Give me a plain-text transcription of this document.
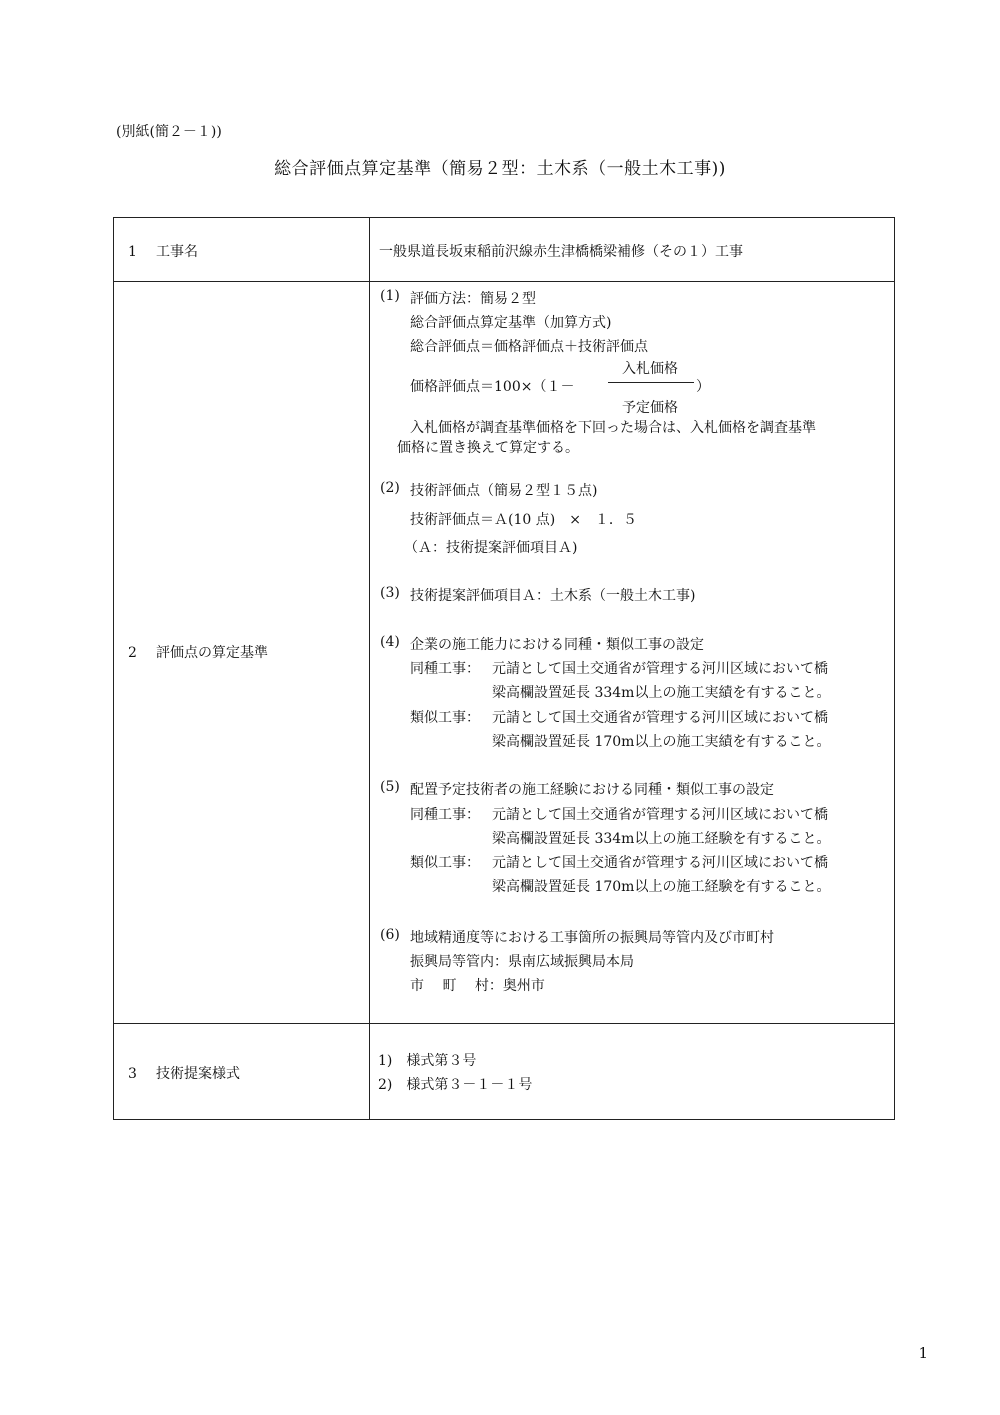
(別紙(簡２－１))
総合評価点算定基準（簡易２型：土木系（一般土木工事))
1 工事名	一般県道長坂束稲前沢線赤生津橋橋梁補修（その１）工事
2 評価点の算定基準
(1) 評価方法：簡易２型
総合評価点算定基準（加算方式)
総合評価点＝価格評価点＋技術評価点
入札価格
価格評価点＝100×（１－	）
予定価格
入札価格が調査基準価格を下回った場合は、入札価格を調査基準
価格に置き換えて算定する。
(2) 技術評価点（簡易２型１５点)
技術評価点＝Ａ(10 点)　×　１．５
（Ａ：技術提案評価項目Ａ)
(3) 技術提案評価項目Ａ：土木系（一般土木工事)
(4) 企業の施工能力における同種・類似工事の設定
同種工事： 元請として国土交通省が管理する河川区域において橋
梁高欄設置延長 334m以上の施工実績を有すること。
類似工事： 元請として国土交通省が管理する河川区域において橋
梁高欄設置延長 170m以上の施工実績を有すること。
(5) 配置予定技術者の施工経験における同種・類似工事の設定
同種工事： 元請として国土交通省が管理する河川区域において橋
梁高欄設置延長 334m以上の施工経験を有すること。
類似工事： 元請として国土交通省が管理する河川区域において橋
梁高欄設置延長 170m以上の施工経験を有すること。
(6) 地域精通度等における工事箇所の振興局等管内及び市町村
振興局等管内：県南広域振興局本局
市　 町　 村：奥州市
3 技術提案様式
1)　様式第３号
2)　様式第３－１－１号
1
